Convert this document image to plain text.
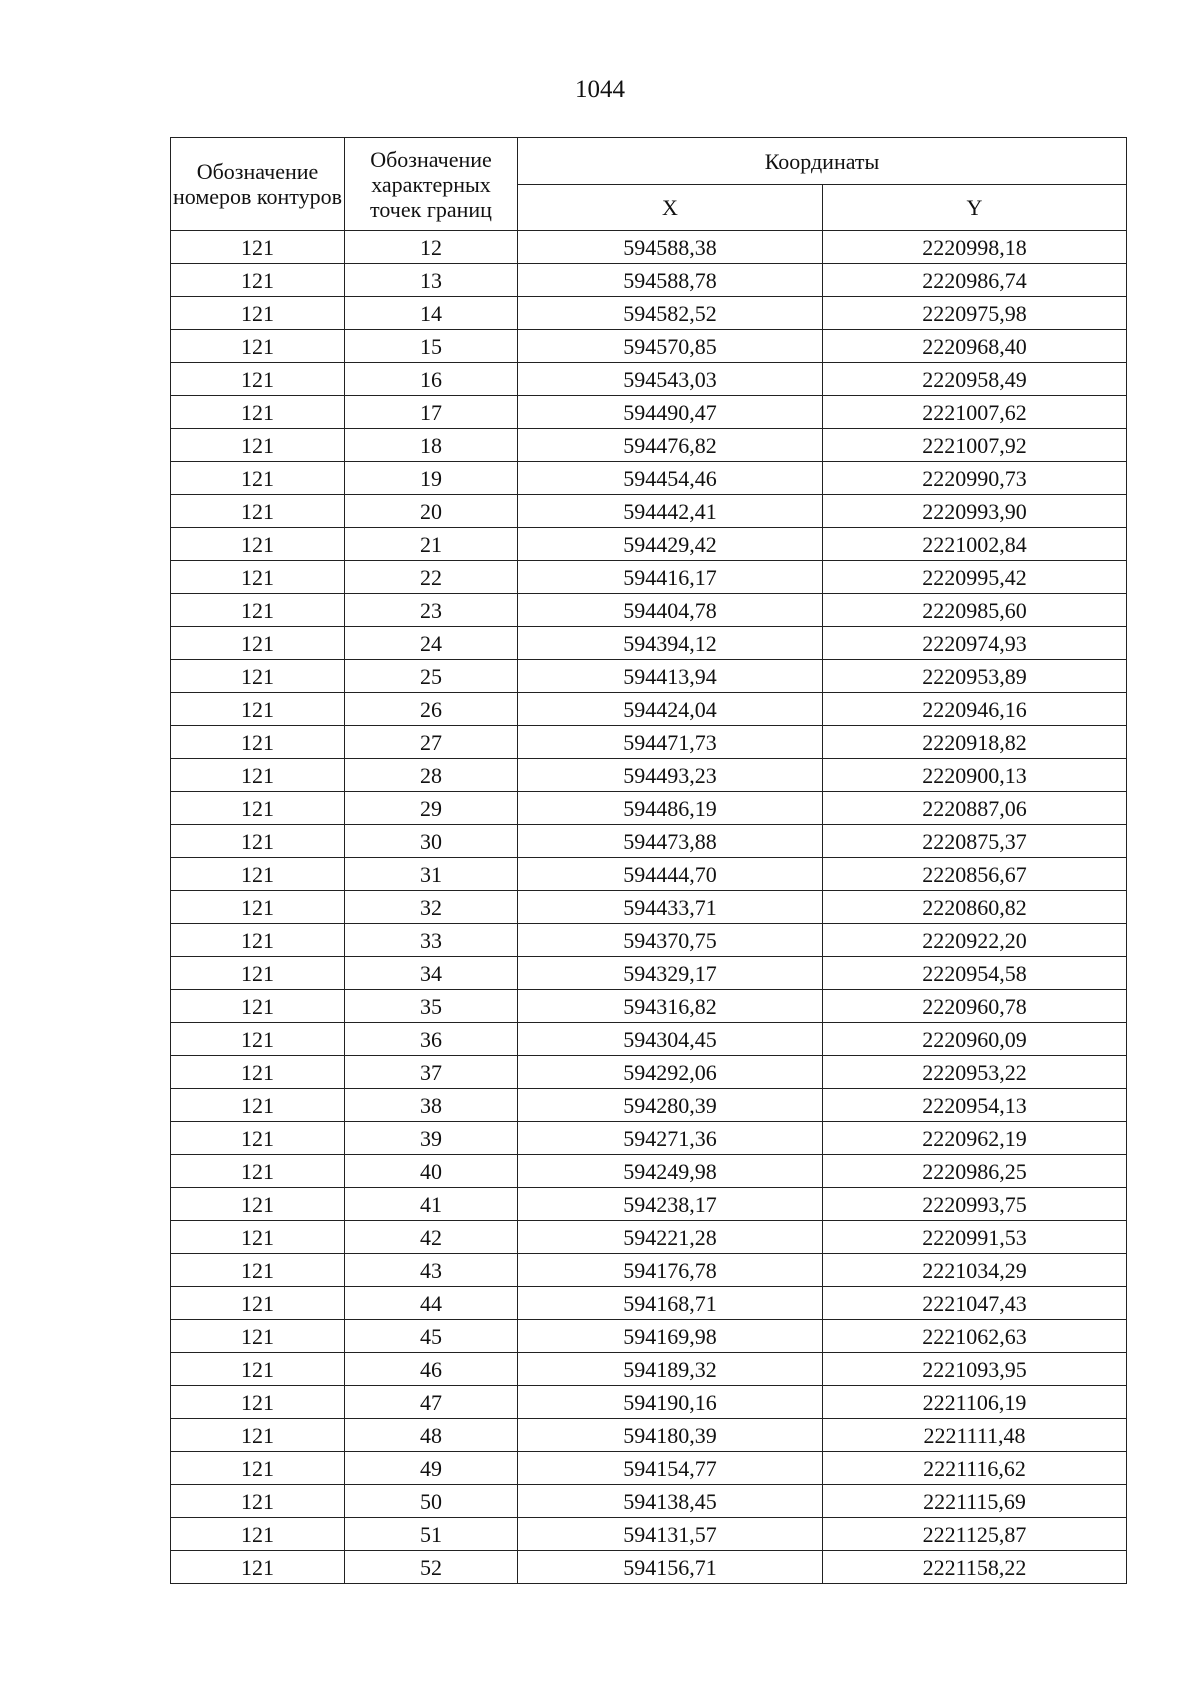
1044
Обозначение номеров контуров	Обозначение характерных точек границ	Координаты	
		X	Y
121	12	594588,38	2220998,18
121	13	594588,78	2220986,74
121	14	594582,52	2220975,98
121	15	594570,85	2220968,40
121	16	594543,03	2220958,49
121	17	594490,47	2221007,62
121	18	594476,82	2221007,92
121	19	594454,46	2220990,73
121	20	594442,41	2220993,90
121	21	594429,42	2221002,84
121	22	594416,17	2220995,42
121	23	594404,78	2220985,60
121	24	594394,12	2220974,93
121	25	594413,94	2220953,89
121	26	594424,04	2220946,16
121	27	594471,73	2220918,82
121	28	594493,23	2220900,13
121	29	594486,19	2220887,06
121	30	594473,88	2220875,37
121	31	594444,70	2220856,67
121	32	594433,71	2220860,82
121	33	594370,75	2220922,20
121	34	594329,17	2220954,58
121	35	594316,82	2220960,78
121	36	594304,45	2220960,09
121	37	594292,06	2220953,22
121	38	594280,39	2220954,13
121	39	594271,36	2220962,19
121	40	594249,98	2220986,25
121	41	594238,17	2220993,75
121	42	594221,28	2220991,53
121	43	594176,78	2221034,29
121	44	594168,71	2221047,43
121	45	594169,98	2221062,63
121	46	594189,32	2221093,95
121	47	594190,16	2221106,19
121	48	594180,39	2221111,48
121	49	594154,77	2221116,62
121	50	594138,45	2221115,69
121	51	594131,57	2221125,87
121	52	594156,71	2221158,22
